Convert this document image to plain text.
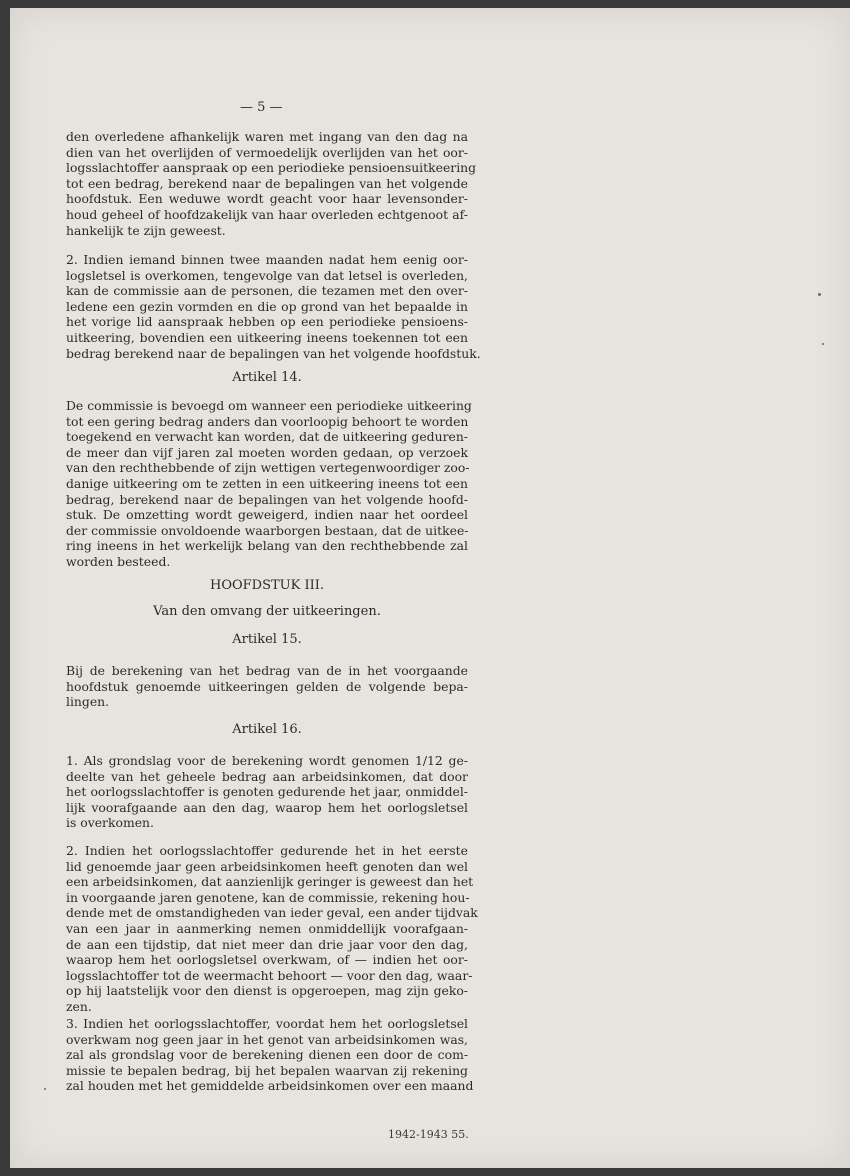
— 5 —
den overledene afhankelijk waren met ingang van den dag na
dien van het overlijden of vermoedelijk overlijden van het oor-
logsslachtoffer aanspraak op een periodieke pensioensuitkeering
tot een bedrag, berekend naar de bepalingen van het volgende
hoofdstuk. Een weduwe wordt geacht voor haar levensonder-
houd geheel of hoofdzakelijk van haar overleden echtgenoot af-
hankelijk te zijn geweest.
2. Indien iemand binnen twee maanden nadat hem eenig oor-
logsletsel is overkomen, tengevolge van dat letsel is overleden,
kan de commissie aan de personen, die tezamen met den over-
ledene een gezin vormden en die op grond van het bepaalde in
het vorige lid aanspraak hebben op een periodieke pensioens-
uitkeering, bovendien een uitkeering ineens toekennen tot een
bedrag berekend naar de bepalingen van het volgende hoofdstuk.
Artikel 14.
De commissie is bevoegd om wanneer een periodieke uitkeering
tot een gering bedrag anders dan voorloopig behoort te worden
toegekend en verwacht kan worden, dat de uitkeering geduren-
de meer dan vijf jaren zal moeten worden gedaan, op verzoek
van den rechthebbende of zijn wettigen vertegenwoordiger zoo-
danige uitkeering om te zetten in een uitkeering ineens tot een
bedrag, berekend naar de bepalingen van het volgende hoofd-
stuk. De omzetting wordt geweigerd, indien naar het oordeel
der commissie onvoldoende waarborgen bestaan, dat de uitkee-
ring ineens in het werkelijk belang van den rechthebbende zal
worden besteed.
HOOFDSTUK III.
Van den omvang der uitkeeringen.
Artikel 15.
Bij de berekening van het bedrag van de in het voorgaande
hoofdstuk genoemde uitkeeringen gelden de volgende bepa-
lingen.
Artikel 16.
1. Als grondslag voor de berekening wordt genomen 1/12 ge-
deelte van het geheele bedrag aan arbeidsinkomen, dat door
het oorlogsslachtoffer is genoten gedurende het jaar, onmiddel-
lijk voorafgaande aan den dag, waarop hem het oorlogsletsel
is overkomen.
2. Indien het oorlogsslachtoffer gedurende het in het eerste
lid genoemde jaar geen arbeidsinkomen heeft genoten dan wel
een arbeidsinkomen, dat aanzienlijk geringer is geweest dan het
in voorgaande jaren genotene, kan de commissie, rekening hou-
dende met de omstandigheden van ieder geval, een ander tijdvak
van een jaar in aanmerking nemen onmiddellijk voorafgaan-
de aan een tijdstip, dat niet meer dan drie jaar voor den dag,
waarop hem het oorlogsletsel overkwam, of — indien het oor-
logsslachtoffer tot de weermacht behoort — voor den dag, waar-
op hij laatstelijk voor den dienst is opgeroepen, mag zijn geko-
zen.
3. Indien het oorlogsslachtoffer, voordat hem het oorlogsletsel
overkwam nog geen jaar in het genot van arbeidsinkomen was,
zal als grondslag voor de berekening dienen een door de com-
missie te bepalen bedrag, bij het bepalen waarvan zij rekening
zal houden met het gemiddelde arbeidsinkomen over een maand
1942-1943 55.
